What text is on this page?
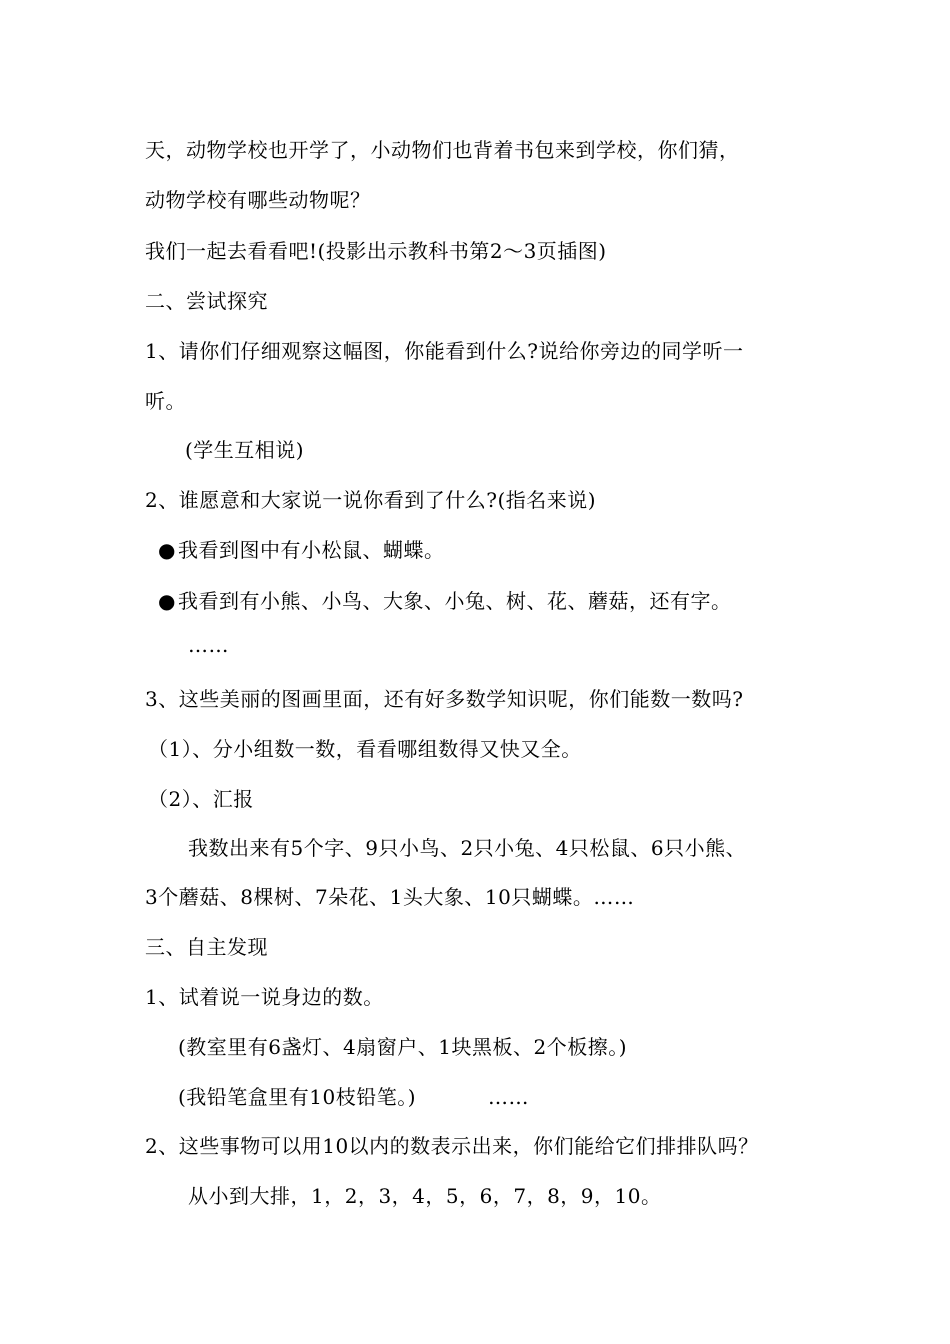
天，动物学校也开学了，小动物们也背着书包来到学校，你们猜，
动物学校有哪些动物呢？
我们一起去看看吧!(投影出示教科书第2～3页插图)
二、尝试探究
1、请你们仔细观察这幅图，你能看到什么?说给你旁边的同学听一
听。
(学生互相说)
2、谁愿意和大家说一说你看到了什么?(指名来说)
● 我看到图中有小松鼠、蝴蝶。
● 我看到有小熊、小鸟、大象、小兔、树、花、蘑菇，还有字。
……
3、这些美丽的图画里面，还有好多数学知识呢，你们能数一数吗?
（1）、分小组数一数，看看哪组数得又快又全。
（2）、汇报
我数出来有5个字、9只小鸟、2只小兔、4只松鼠、6只小熊、
3个蘑菇、8棵树、7朵花、1头大象、10只蝴蝶。……
三、自主发现
1、试着说一说身边的数。
(教室里有6盏灯、4扇窗户、1块黑板、2个板擦。)
(我铅笔盒里有10枝铅笔。)	……
2、这些事物可以用10以内的数表示出来，你们能给它们排排队吗？
从小到大排，1，2，3，4，5，6，7，8，9，10。
